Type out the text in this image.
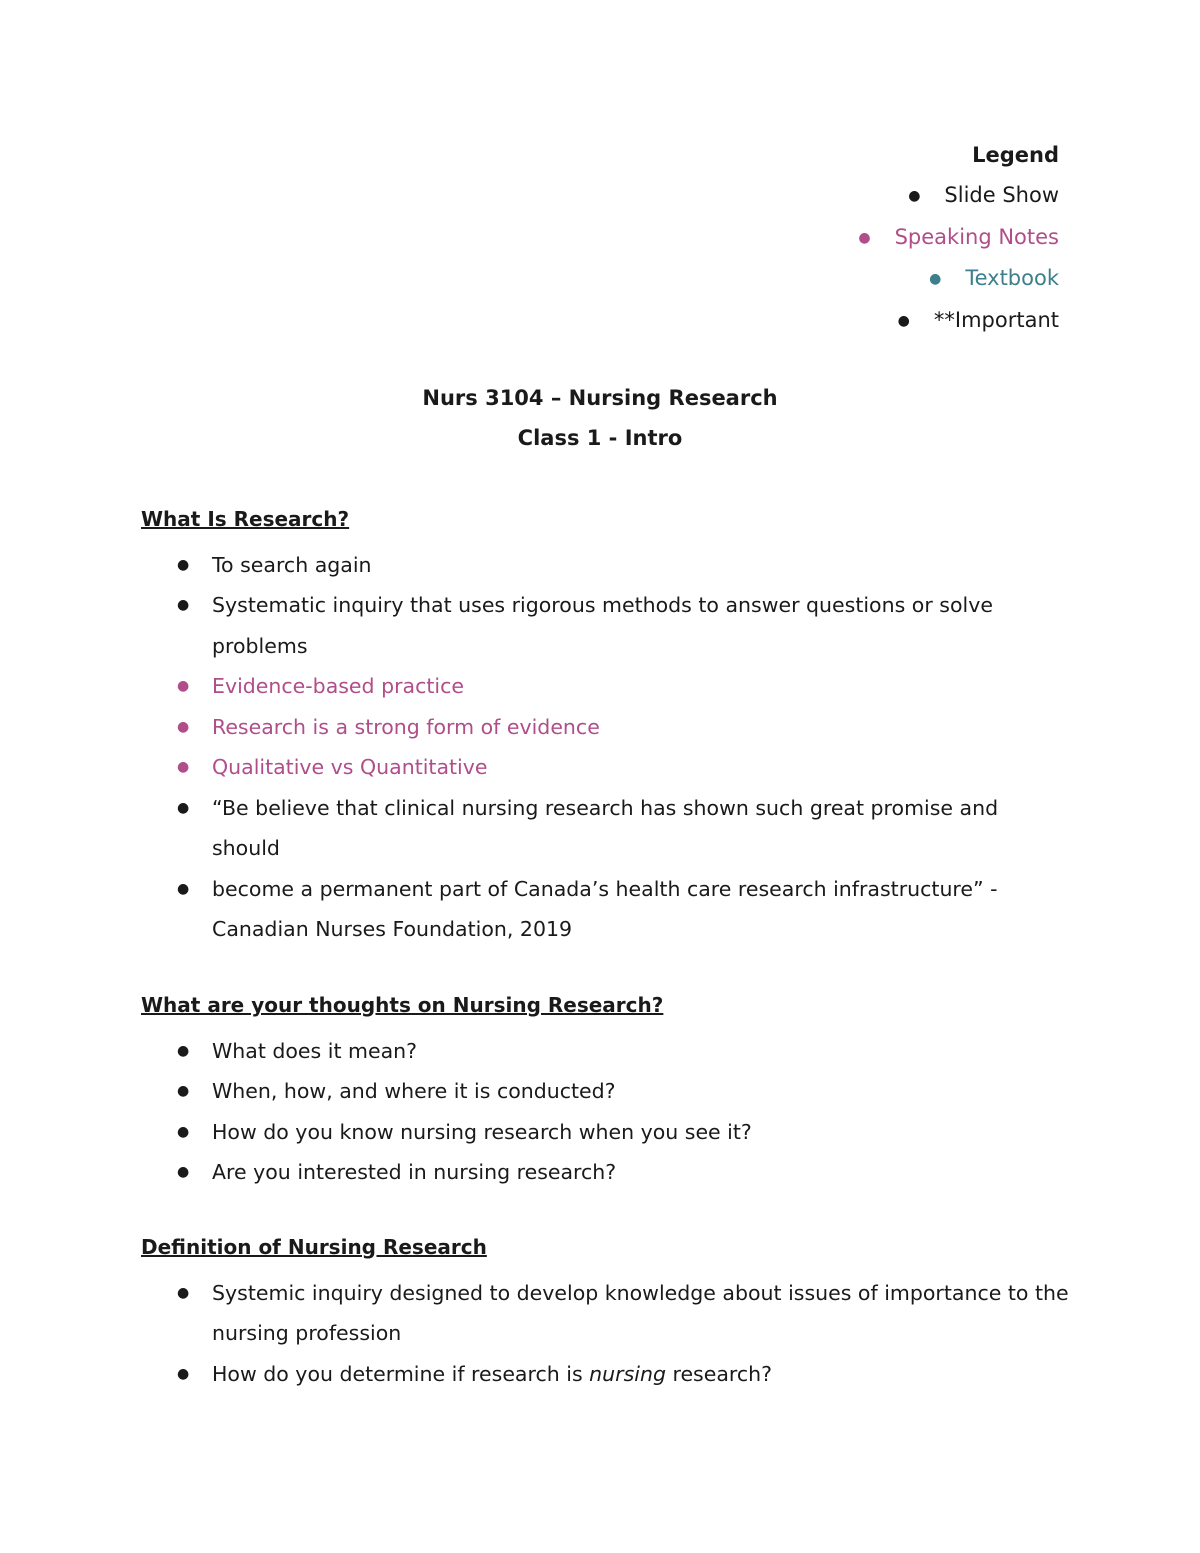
Legend
● Slide Show
● Speaking Notes
● Textbook
● **Important
Nurs 3104 – Nursing Research
Class 1 - Intro
What Is Research?
● To search again
● Systematic inquiry that uses rigorous methods to answer questions or solve problems
● Evidence-based practice
● Research is a strong form of evidence
● Qualitative vs Quantitative
● “Be believe that clinical nursing research has shown such great promise and should
● become a permanent part of Canada’s health care research infrastructure” - Canadian Nurses Foundation, 2019
What are your thoughts on Nursing Research?
● What does it mean?
● When, how, and where it is conducted?
● How do you know nursing research when you see it?
● Are you interested in nursing research?
Definition of Nursing Research
● Systemic inquiry designed to develop knowledge about issues of importance to the nursing profession
● How do you determine if research is nursing research?
